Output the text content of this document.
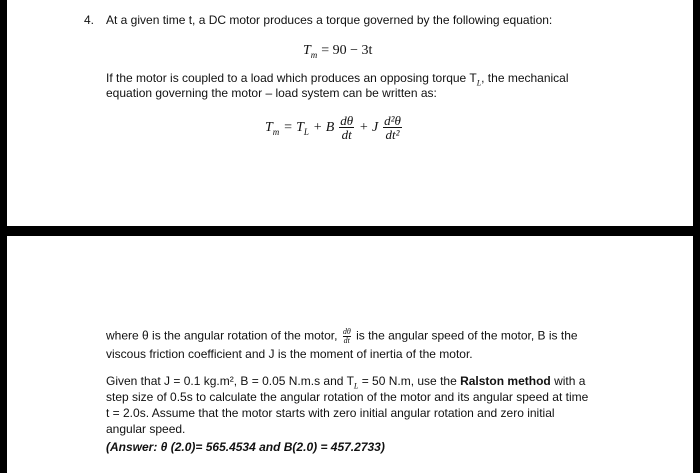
4. At a given time t, a DC motor produces a torque governed by the following equation:
$T_m = 90 - 3t$
If the motor is coupled to a load which produces an opposing torque $T_L$, the mechanical
equation governing the motor – load system can be written as:
$T_m = T_L + B \frac{d\theta}{dt} + J \frac{\text{d²θ}}{\text{dt²}}$
where θ is the angular rotation of the motor, $\frac{d\theta}{dt}$ is the angular speed of the motor, B is the
viscous friction coefficient and J is the moment of inertia of the motor.
Given that J = 0.1 kg.m², B = 0.05 N.m.s and $T_L = 50$ N.m, use the Ralston method with a
step size of 0.5s to calculate the angular rotation of the motor and its angular speed at time
t = 2.0s. Assume that the motor starts with zero initial angular rotation and zero initial
angular speed.
(Answer: θ (2.0)= 565.4534 and B(2.0) = 457.2733)
